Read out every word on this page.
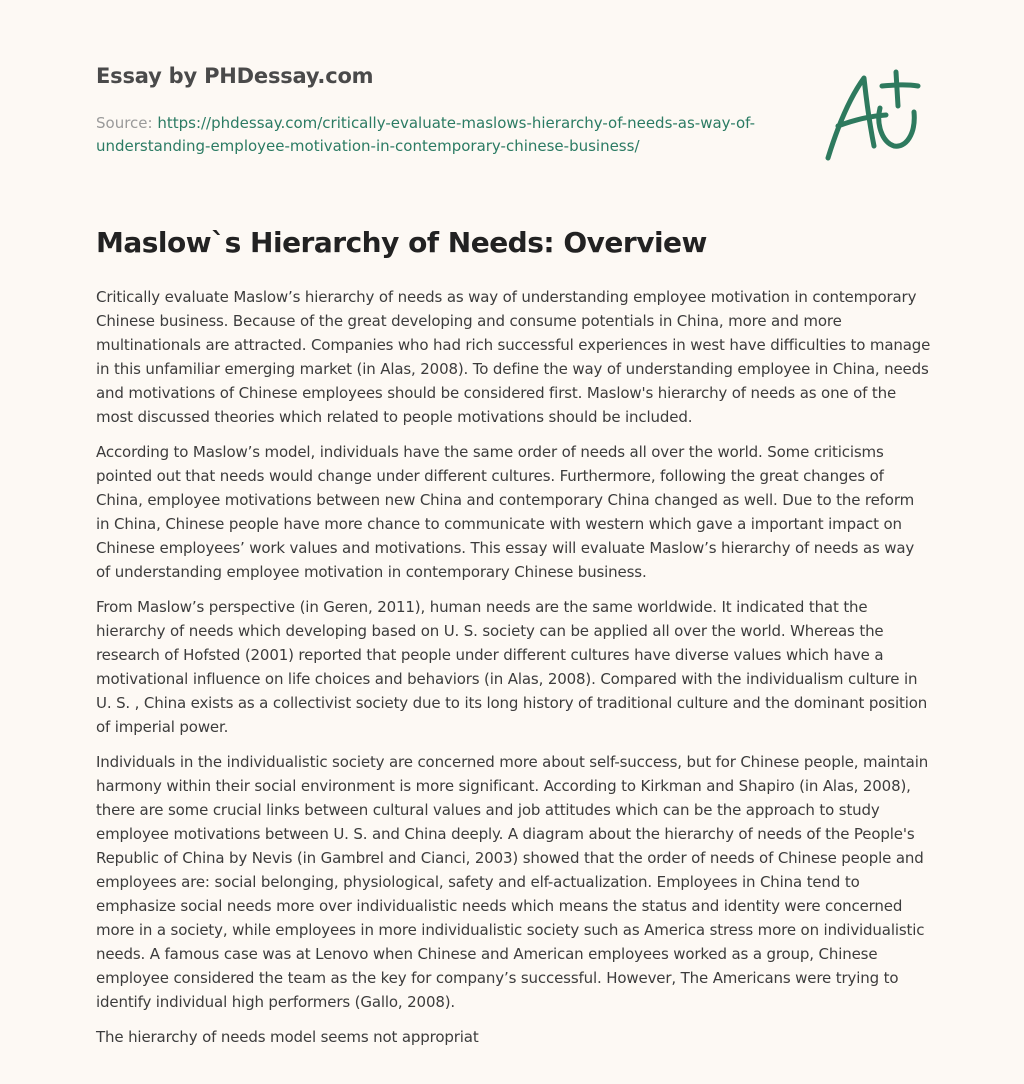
Essay by PHDessay.com
Source: https://phdessay.com/critically-evaluate-maslows-hierarchy-of-needs-as-way-of-understanding-employee-motivation-in-contemporary-chinese-business/
Maslow`s Hierarchy of Needs: Overview

Critically evaluate Maslow’s hierarchy of needs as way of understanding employee motivation in contemporary Chinese business. Because of the great developing and consume potentials in China, more and more multinationals are attracted. Companies who had rich successful experiences in west have difficulties to manage in this unfamiliar emerging market (in Alas, 2008). To define the way of understanding employee in China, needs and motivations of Chinese employees should be considered first. Maslow's hierarchy of needs as one of the most discussed theories which related to people motivations should be included.

According to Maslow’s model, individuals have the same order of needs all over the world. Some criticisms pointed out that needs would change under different cultures. Furthermore, following the great changes of China, employee motivations between new China and contemporary China changed as well. Due to the reform in China, Chinese people have more chance to communicate with western which gave a important impact on Chinese employees’ work values and motivations. This essay will evaluate Maslow’s hierarchy of needs as way of understanding employee motivation in contemporary Chinese business.

From Maslow’s perspective (in Geren, 2011), human needs are the same worldwide. It indicated that the hierarchy of needs which developing based on U. S. society can be applied all over the world. Whereas the research of Hofsted (2001) reported that people under different cultures have diverse values which have a motivational influence on life choices and behaviors (in Alas, 2008). Compared with the individualism culture in U. S. , China exists as a collectivist society due to its long history of traditional culture and the dominant position of imperial power.

Individuals in the individualistic society are concerned more about self-success, but for Chinese people, maintain harmony within their social environment is more significant. According to Kirkman and Shapiro (in Alas, 2008), there are some crucial links between cultural values and job attitudes which can be the approach to study employee motivations between U. S. and China deeply. A diagram about the hierarchy of needs of the People's Republic of China by Nevis (in Gambrel and Cianci, 2003) showed that the order of needs of Chinese people and employees are: social belonging, physiological, safety and elf-actualization. Employees in China tend to emphasize social needs more over individualistic needs which means the status and identity were concerned more in a society, while employees in more individualistic society such as America stress more on individualistic needs. A famous case was at Lenovo when Chinese and American employees worked as a group, Chinese employee considered the team as the key for company’s successful. However, The Americans were trying to identify individual high performers (Gallo, 2008).

The hierarchy of needs model seems not appropriat
